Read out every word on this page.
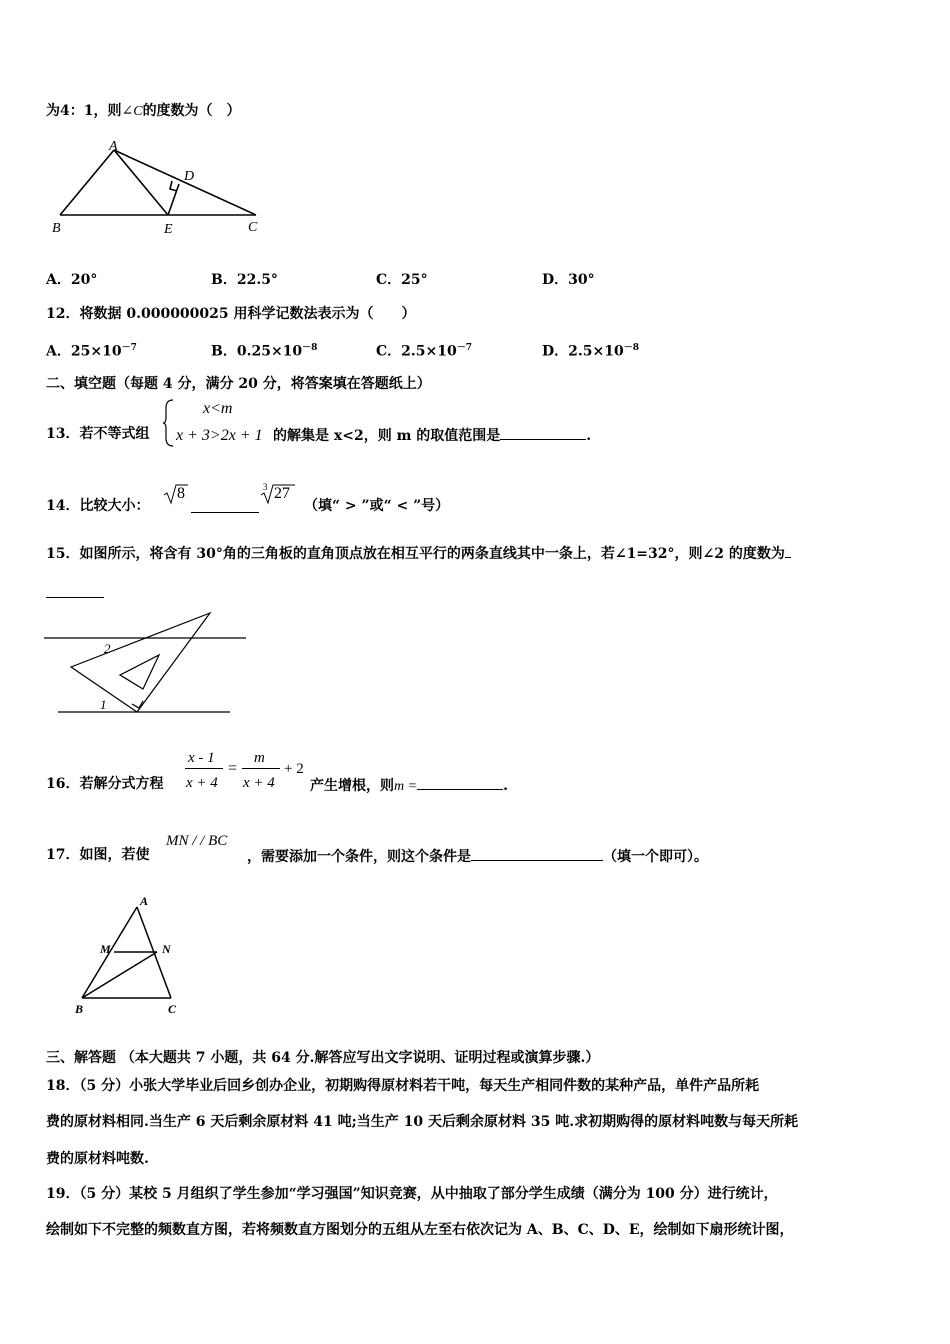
为4：1，则∠C的度数为（　）
A
B	E
D
C
A．20°	B．22.5°	C．25°	D．30°
12．将数据 0.000000025 用科学记数法表示为（　　）
A．$25\times 10^{-7}$	B．$0.25\times 10^{-8}$	C．$2.5\times 10^{-7}$	D．$2.5\times 10^{-8}$
二、填空题（每题 4 分，满分 20 分，将答案填在答题纸上）
13．若不等式组
x<m
x + 3>2x + 1 的解集是 x<2，则 m 的取值范围是	.
14．比较大小：
8	3 27
（填“ > ”或“ < ”号）
15．如图所示，将含有 30°角的三角板的直角顶点放在相互平行的两条直线其中一条上，若∠1=32°，则∠2 的度数为
2
1
16．若解分式方程
x - 1
x + 4
=
m
x + 4
+ 2
产生增根，则m =	.
17．如图，若使
MN / / BC
，需要添加一个条件，则这个条件是	（填一个即可）。
A
M	N
B	C
三、解答题 （本大题共 7 小题，共 64 分.解答应写出文字说明、证明过程或演算步骤.）
18．（5 分）小张大学毕业后回乡创办企业，初期购得原材料若干吨，每天生产相同件数的某种产品，单件产品所耗
费的原材料相同.当生产 6 天后剩余原材料 41 吨;当生产 10 天后剩余原材料 35 吨.求初期购得的原材料吨数与每天所耗
费的原材料吨数.
19．（5 分）某校 5 月组织了学生参加“学习强国”知识竞赛，从中抽取了部分学生成绩（满分为 100 分）进行统计，
绘制如下不完整的频数直方图，若将频数直方图划分的五组从左至右依次记为 A、B、C、D、E，绘制如下扇形统计图，
